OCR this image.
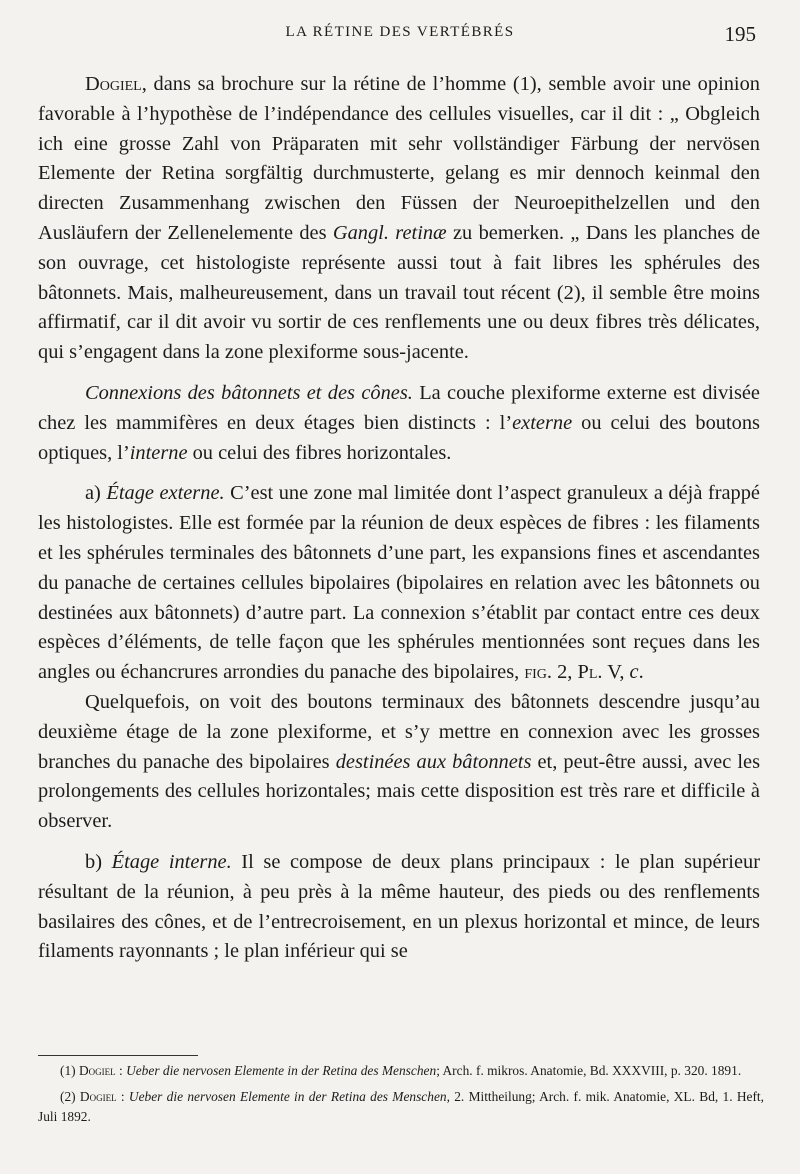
LA RÉTINE DES VERTÉBRÉS	195

Dogiel, dans sa brochure sur la rétine de l’homme (1), semble avoir une opinion favorable à l’hypothèse de l’indépendance des cellules visuelles, car il dit : „ Obgleich ich eine grosse Zahl von Präparaten mit sehr vollständiger Färbung der nervösen Elemente der Retina sorgfältig durchmusterte, gelang es mir dennoch keinmal den directen Zusammenhang zwischen den Füssen der Neuroepithelzellen und den Ausläufern der Zellenelemente des Gangl. retinæ zu bemerken. „ Dans les planches de son ouvrage, cet histologiste représente aussi tout à fait libres les sphérules des bâtonnets. Mais, malheureusement, dans un travail tout récent (2), il semble être moins affirmatif, car il dit avoir vu sortir de ces renflements une ou deux fibres très délicates, qui s’engagent dans la zone plexiforme sous-jacente.

Connexions des bâtonnets et des cônes. La couche plexiforme externe est divisée chez les mammifères en deux étages bien distincts : l’externe ou celui des boutons optiques, l’interne ou celui des fibres horizontales.

a) Étage externe. C’est une zone mal limitée dont l’aspect granuleux a déjà frappé les histologistes. Elle est formée par la réunion de deux espèces de fibres : les filaments et les sphérules terminales des bâtonnets d’une part, les expansions fines et ascendantes du panache de certaines cellules bipolaires (bipolaires en relation avec les bâtonnets ou destinées aux bâtonnets) d’autre part. La connexion s’établit par contact entre ces deux espèces d’éléments, de telle façon que les sphérules mentionnées sont reçues dans les angles ou échancrures arrondies du panache des bipolaires, fig. 2, Pl. V, c.

Quelquefois, on voit des boutons terminaux des bâtonnets descendre jusqu’au deuxième étage de la zone plexiforme, et s’y mettre en connexion avec les grosses branches du panache des bipolaires destinées aux bâtonnets et, peut-être aussi, avec les prolongements des cellules horizontales; mais cette disposition est très rare et difficile à observer.

b) Étage interne. Il se compose de deux plans principaux : le plan supérieur résultant de la réunion, à peu près à la même hauteur, des pieds ou des renflements basilaires des cônes, et de l’entrecroisement, en un plexus horizontal et mince, de leurs filaments rayonnants ; le plan inférieur qui se

(1) Dogiel : Ueber die nervosen Elemente in der Retina des Menschen; Arch. f. mikros. Anatomie, Bd. XXXVIII, p. 320. 1891.

(2) Dogiel : Ueber die nervosen Elemente in der Retina des Menschen, 2. Mittheilung; Arch. f. mik. Anatomie, XL. Bd, 1. Heft, Juli 1892.
